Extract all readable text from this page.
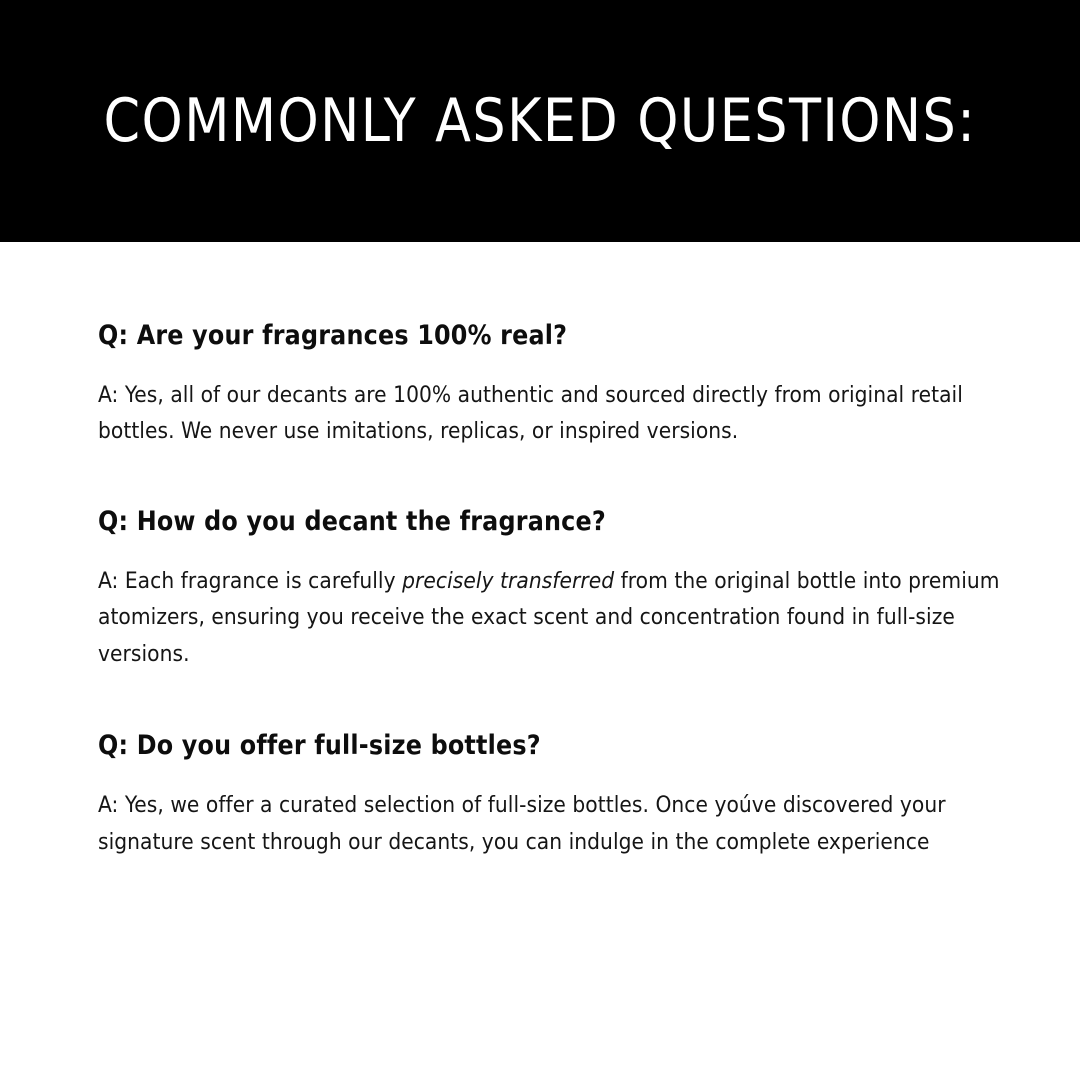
COMMONLY ASKED QUESTIONS:
Q: Are your fragrances 100% real?
A: Yes, all of our decants are 100% authentic and sourced directly from original retail bottles. We never use imitations, replicas, or inspired versions.
Q: How do you decant the fragrance?
A: Each fragrance is carefully precisely transferred from the original bottle into premium atomizers, ensuring you receive the exact scent and concentration found in full-size versions.
Q: Do you offer full-size bottles?
A: Yes, we offer a curated selection of full-size bottles. Once yoúve discovered your signature scent through our decants, you can indulge in the complete experience
